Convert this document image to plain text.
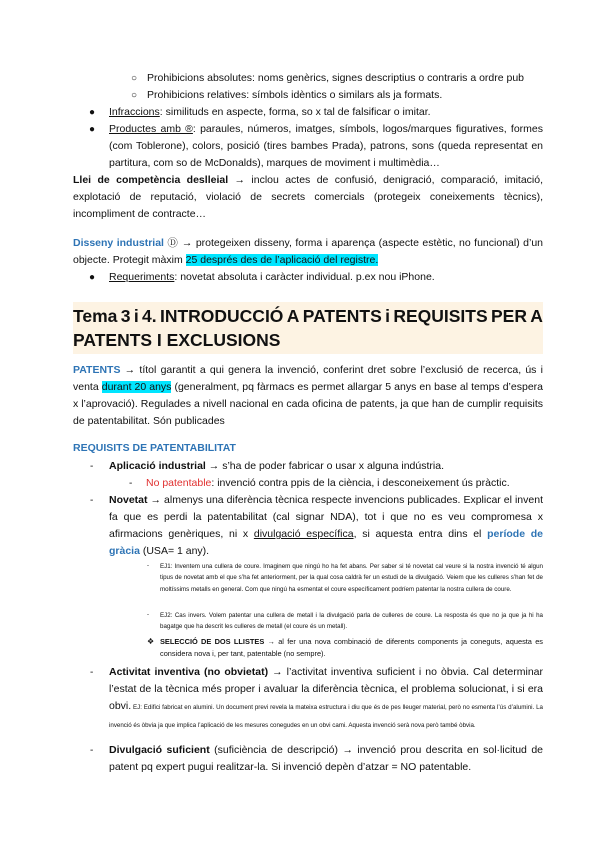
○ Prohibicions absolutes: noms genèrics, signes descriptius o contraris a ordre pub
○ Prohibicions relatives: símbols idèntics o similars als ja formats.
● Infraccions: similituds en aspecte, forma, so x tal de falsificar o imitar.
● Productes amb ®: paraules, números, imatges, símbols, logos/marques figuratives, formes (com Toblerone), colors, posició (tires bambes Prada), patrons, sons (queda representat en partitura, com so de McDonalds), marques de moviment i multimèdia…
Llei de competència deslleial → inclou actes de confusió, denigració, comparació, imitació, explotació de reputació, violació de secrets comercials (protegeix coneixements tècnics), incompliment de contracte…
Disseny industrial Ⓓ → protegeixen disseny, forma i aparença (aspecte estètic, no funcional) d’un objecte. Protegit màxim 25 després des de l’aplicació del registre.
● Requeriments: novetat absoluta i caràcter individual. p.ex nou iPhone.
Tema 3 i 4. INTRODUCCIÓ A PATENTS i REQUISITS PER A
PATENTS I EXCLUSIONS
PATENTS → títol garantit a qui genera la invenció, conferint dret sobre l’exclusió de recerca, ús i venta durant 20 anys (generalment, pq fàrmacs es permet allargar 5 anys en base al temps d’espera x l’aprovació). Regulades a nivell nacional en cada oficina de patents, ja que han de cumplir requisits de patentabilitat. Són publicades
REQUISITS DE PATENTABILITAT
- Aplicació industrial → s’ha de poder fabricar o usar x alguna indústria.
- No patentable: invenció contra ppis de la ciència, i desconeixement ús pràctic.
- Novetat → almenys una diferència tècnica respecte invencions publicades. Explicar el invent fa que es perdi la patentabilitat (cal signar NDA), tot i que no es veu compromesa x afirmacions genèriques, ni x divulgació específica, si aquesta entra dins el període de gràcia (USA= 1 any).
- EJ1: Inventem una cullera de coure. Imaginem que ningú ho ha fet abans. Per saber si té novetat cal veure si la nostra invenció té algun tipus de novetat amb el que s’ha fet anteriorment, per la qual cosa caldrà fer un estudi de la divulgació. Veiem que les culleres s’han fet de moltíssims metalls en general. Com que ningú ha esmentat el coure específicament podríem patentar la nostra cullera de coure.
- EJ2: Cas invers. Volem patentar una cullera de metall i la divulgació parla de culleres de coure. La resposta és que no ja que ja hi ha bagatge que ha descrit les culleres de metall (el coure és un metall).
❖ SELECCIÓ DE DOS LLISTES → al fer una nova combinació de diferents components ja coneguts, aquesta es considera nova i, per tant, patentable (no sempre).
- Activitat inventiva (no obvietat) → l’activitat inventiva suficient i no òbvia. Cal determinar l’estat de la tècnica més proper i avaluar la diferència tècnica, el problema solucionat, i si era obvi. EJ: Edifici fabricat en alumini. Un document previ revela la mateixa estructura i diu que és de pes lleuger material, però no esmenta l’ús d’alumini. La invenció és òbvia ja que implica l’aplicació de les mesures conegudes en un obvi cami. Aquesta invenció serà nova però també òbvia.
- Divulgació suficient (suficiència de descripció) → invenció prou descrita en sol·licitud de patent pq expert pugui realitzar-la. Si invenció depèn d’atzar = NO patentable.
